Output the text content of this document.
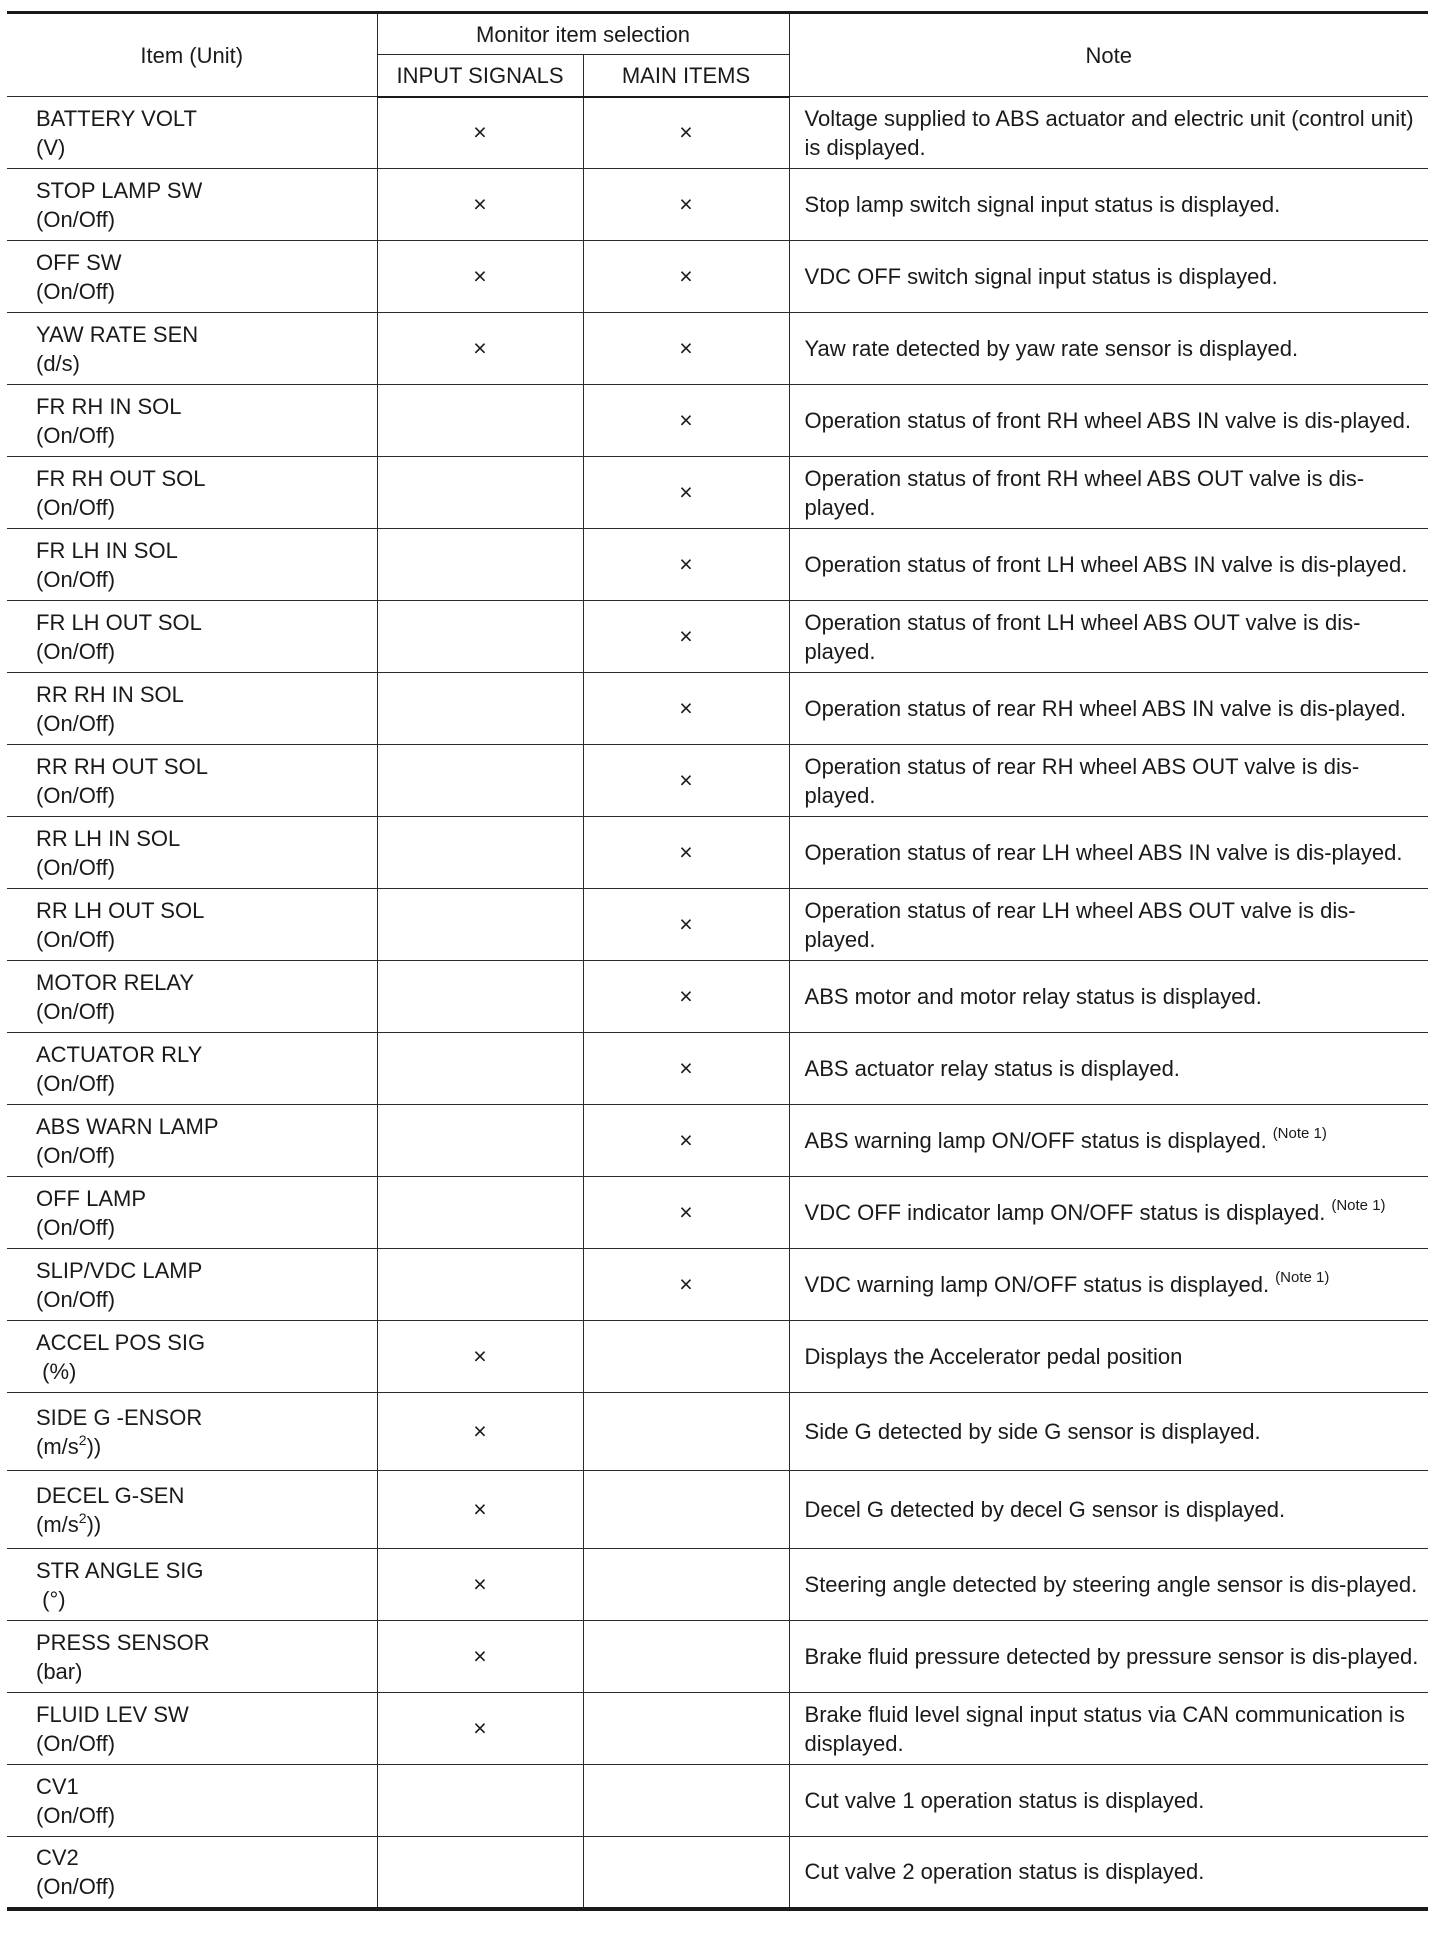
Item (Unit)	Monitor item selection		Note
	INPUT SIGNALS	MAIN ITEMS	

BATTERY VOLT
(V)	×	×	Voltage supplied to ABS actuator and electric unit (control unit) is displayed.

STOP LAMP SW
(On/Off)	×	×	Stop lamp switch signal input status is displayed.

OFF SW
(On/Off)	×	×	VDC OFF switch signal input status is displayed.

YAW RATE SEN
(d/s)	×	×	Yaw rate detected by yaw rate sensor is displayed.

FR RH IN SOL
(On/Off)		×	Operation status of front RH wheel ABS IN valve is dis-played.

FR RH OUT SOL
(On/Off)		×	Operation status of front RH wheel ABS OUT valve is dis-played.

FR LH IN SOL
(On/Off)		×	Operation status of front LH wheel ABS IN valve is dis-played.

FR LH OUT SOL
(On/Off)		×	Operation status of front LH wheel ABS OUT valve is dis-played.

RR RH IN SOL
(On/Off)		×	Operation status of rear RH wheel ABS IN valve is dis-played.

RR RH OUT SOL
(On/Off)		×	Operation status of rear RH wheel ABS OUT valve is dis-played.

RR LH IN SOL
(On/Off)		×	Operation status of rear LH wheel ABS IN valve is dis-played.

RR LH OUT SOL
(On/Off)		×	Operation status of rear LH wheel ABS OUT valve is dis-played.

MOTOR RELAY
(On/Off)		×	ABS motor and motor relay status is displayed.

ACTUATOR RLY
(On/Off)		×	ABS actuator relay status is displayed.

ABS WARN LAMP
(On/Off)		×	ABS warning lamp ON/OFF status is displayed. $^{(Note 1)}$

OFF LAMP
(On/Off)		×	VDC OFF indicator lamp ON/OFF status is displayed. $^{(Note 1)}$

SLIP/VDC LAMP
(On/Off)		×	VDC warning lamp ON/OFF status is displayed. $^{(Note 1)}$

ACCEL POS SIG
(%)	×		Displays the Accelerator pedal position

SIDE G -ENSOR
$(m/s^2)$)	×		Side G detected by side G sensor is displayed.

DECEL G-SEN
$(m/s^2)$)	×		Decel G detected by decel G sensor is displayed.

STR ANGLE SIG
(°)	×		Steering angle detected by steering angle sensor is dis-played.

PRESS SENSOR
(bar)	×		Brake fluid pressure detected by pressure sensor is dis-played.

FLUID LEV SW
(On/Off)	×		Brake fluid level signal input status via CAN communication is displayed.

CV1
(On/Off)			Cut valve 1 operation status is displayed.

CV2
(On/Off)			Cut valve 2 operation status is displayed.
